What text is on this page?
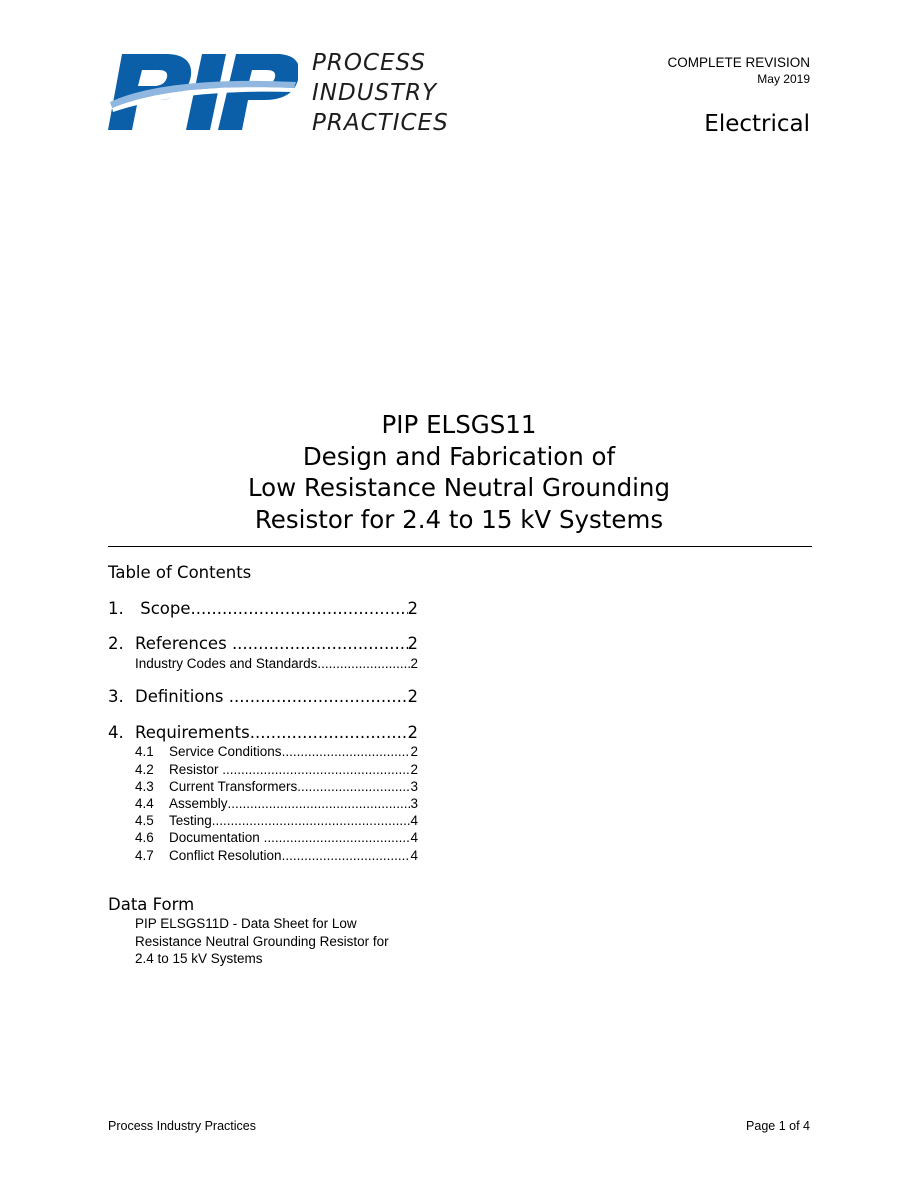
PROCESS
INDUSTRY
PRACTICES
COMPLETE REVISION
May 2019
Electrical
PIP ELSGS11
Design and Fabrication of
Low Resistance Neutral Grounding
Resistor for 2.4 to 15 kV Systems
Table of Contents
1. Scope .....	2
2. References .....	2
Industry Codes and Standards .....	2
3. Definitions .....	2
4. Requirements .....	2
4.1	Service Conditions .....	2
4.2	Resistor .....	2
4.3	Current Transformers .....	3
4.4	Assembly .....	3
4.5	Testing .....	4
4.6	Documentation .....	4
4.7	Conflict Resolution .....	4
Data Form
PIP ELSGS11D - Data Sheet for Low
Resistance Neutral Grounding Resistor for
2.4 to 15 kV Systems
Process Industry Practices	Page 1 of 4
